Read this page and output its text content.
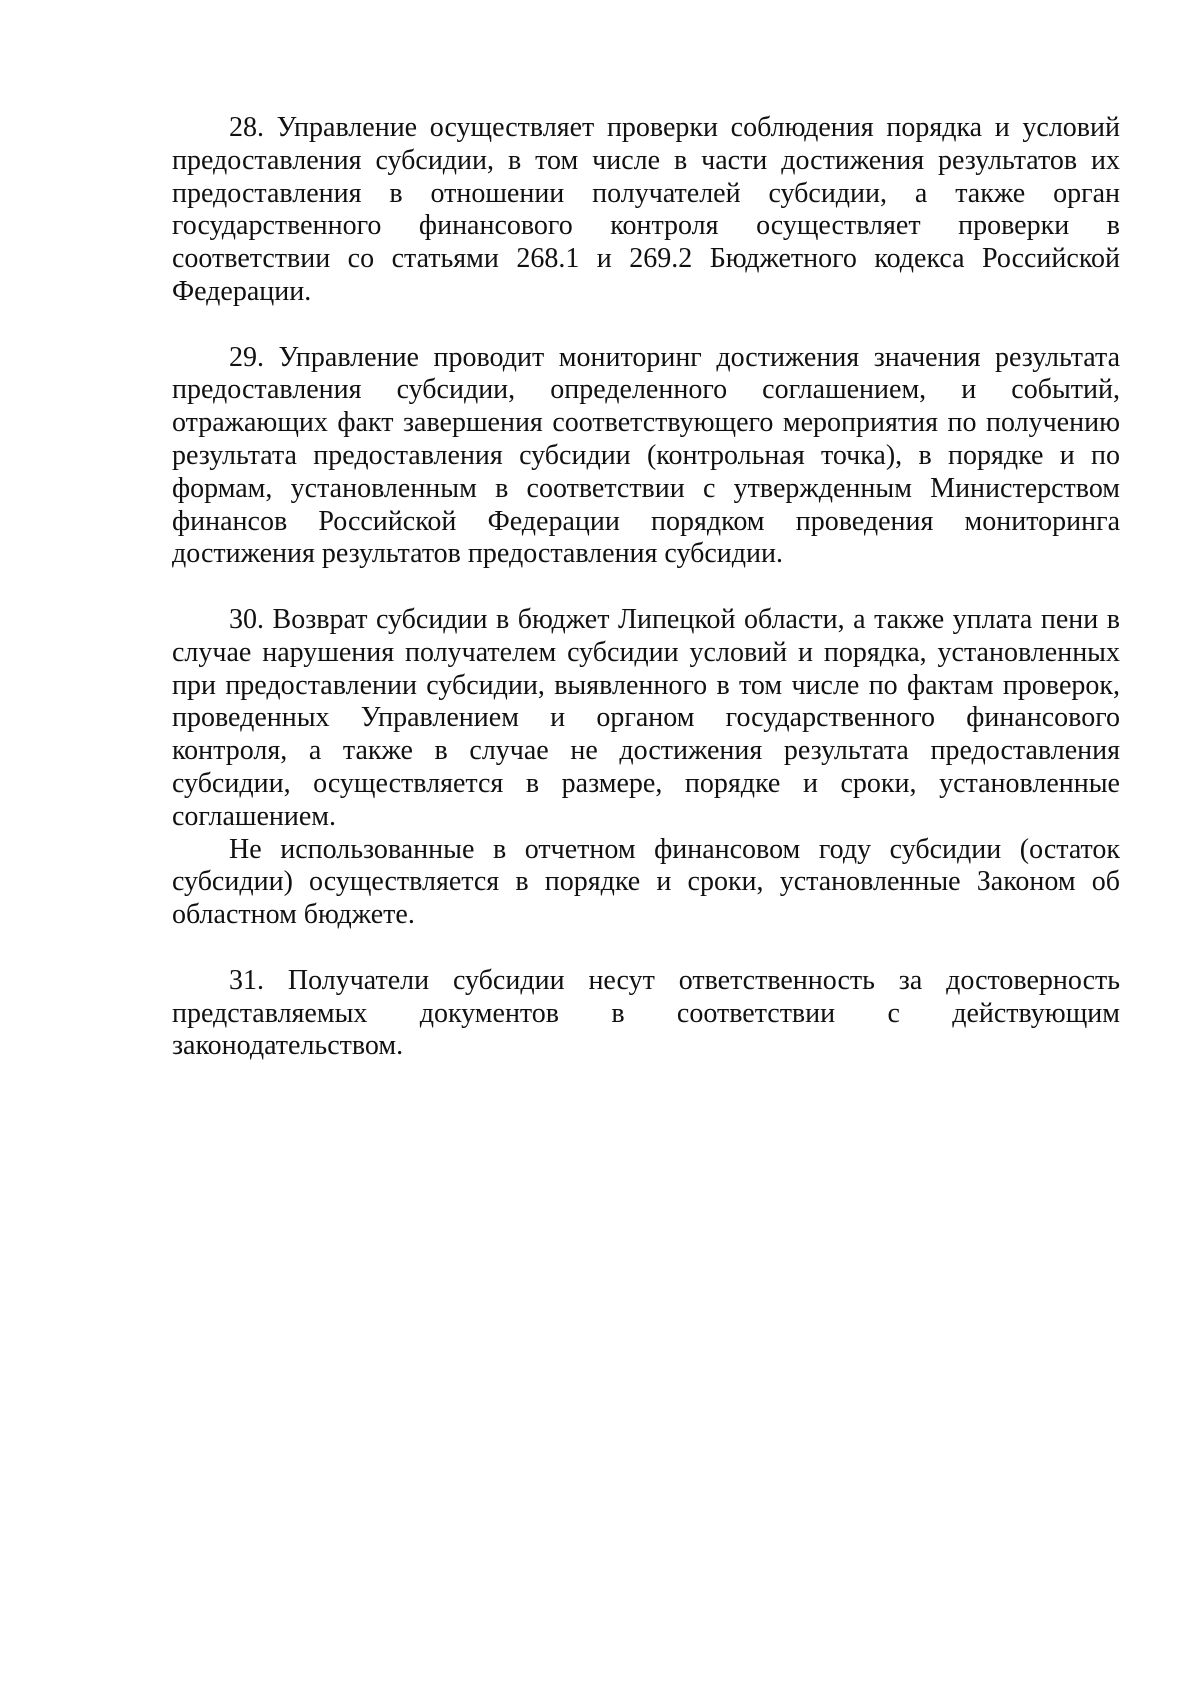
28. Управление осуществляет проверки соблюдения порядка и условий предоставления субсидии, в том числе в части достижения результатов их предоставления в отношении получателей субсидии, а также орган государственного финансового контроля осуществляет проверки в соответствии со статьями 268.1 и 269.2 Бюджетного кодекса Российской Федерации.

29. Управление проводит мониторинг достижения значения результата предоставления субсидии, определенного соглашением, и событий, отражающих факт завершения соответствующего мероприятия по получению результата предоставления субсидии (контрольная точка), в порядке и по формам, установленным в соответствии с утвержденным Министерством финансов Российской Федерации порядком проведения мониторинга достижения результатов предоставления субсидии.

30. Возврат субсидии в бюджет Липецкой области, а также уплата пени в случае нарушения получателем субсидии условий и порядка, установленных при предоставлении субсидии, выявленного в том числе по фактам проверок, проведенных Управлением и органом государственного финансового контроля, а также в случае не достижения результата предоставления субсидии, осуществляется в размере, порядке и сроки, установленные соглашением.

Не использованные в отчетном финансовом году субсидии (остаток субсидии) осуществляется в порядке и сроки, установленные Законом об областном бюджете.

31. Получатели субсидии несут ответственность за достоверность представляемых документов в соответствии с действующим законодательством.
